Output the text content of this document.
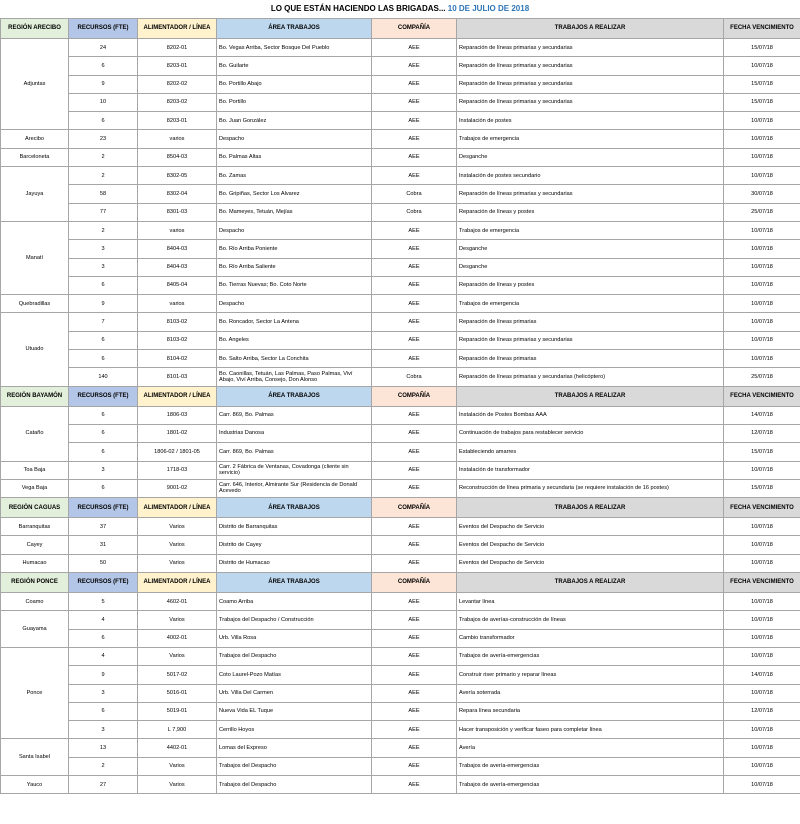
LO QUE ESTÁN HACIENDO LAS BRIGADAS... 10 DE JULIO DE 2018
REGIÓN ARECIBO	RECURSOS (FTE)	ALIMENTADOR / LÍNEA	ÁREA TRABAJOS	COMPAÑÍA	TRABAJOS A REALIZAR	FECHA VENCIMIENTO
Adjuntas	24	8202-01	Bo. Vegas Arriba, Sector Bosque Del Pueblo	AEE	Reparación de líneas primarias y secundarias	15/07/18
	6	8203-01	Bo. Guilarte	AEE	Reparación de líneas primarias y secundarias	10/07/18
	9	8202-02	Bo. Portillo Abajo	AEE	Reparación de líneas primarias y secundarias	15/07/18
	10	8203-02	Bo. Portillo	AEE	Reparación de líneas primarias y secundarias	15/07/18
	6	8203-01	Bo. Juan González	AEE	Instalación de postes	10/07/18
Arecibo	23	varios	Despacho	AEE	Trabajos de emergencia	10/07/18
Barceloneta	2	8504-03	Bo. Palmas Altas	AEE	Desganche	10/07/18
Jayuya	2	8302-05	Bo. Zamas	AEE	Instalación de postes secundario	10/07/18
	58	8302-04	Bo. Gripiñas, Sector Los Alvarez	Cobra	Reparación de líneas primarias y secundarias	30/07/18
	77	8301-03	Bo. Mameyes, Tetuán, Mejías	Cobra	Reparación de líneas y postes	25/07/18
Manatí	2	varios	Despacho	AEE	Trabajos de emergencia	10/07/18
	3	8404-03	Bo. Río Arriba Poniente	AEE	Desganche	10/07/18
	3	8404-03	Bo. Río Arriba Saliente	AEE	Desganche	10/07/18
	6	8405-04	Bo. Tierras Nuevas; Bo. Coto Norte	AEE	Reparación de líneas y postes	10/07/18
Quebradillas	9	varios	Despacho	AEE	Trabajos de emergencia	10/07/18
Utuado	7	8103-02	Bo. Roncador, Sector La Antena	AEE	Reparación de líneas primarias	10/07/18
	6	8103-02	Bo. Angeles	AEE	Reparación de líneas primarias y secundarias	10/07/18
	6	8104-02	Bo. Salto Arriba, Sector La Conchita	AEE	Reparación de líneas primarias	10/07/18
	140	8101-03	Bo. Caonillas, Tetuán, Las Palmas, Paso Palmas, Viví Abajo, Viví Arriba, Consejo, Don Alonso	Cobra	Reparación de líneas primarias y secundarias (helicóptero)	25/07/18
REGIÓN BAYAMÓN	RECURSOS (FTE)	ALIMENTADOR / LÍNEA	ÁREA TRABAJOS	COMPAÑÍA	TRABAJOS A REALIZAR	FECHA VENCIMIENTO
Cataño	6	1806-03	Carr. 869, Bo. Palmas	AEE	Instalación de Postes Bombas AAA	14/07/18
	6	1801-02	Industrias Danosa	AEE	Continuación de trabajos para restablecer servicio	12/07/18
	6	1806-02 / 1801-05	Carr. 869, Bo. Palmas	AEE	Estableciendo amarres	15/07/18
Toa Baja	3	1718-03	Carr. 2 Fábrica de Ventanas, Covadonga (cliente sin servicio)	AEE	Instalación de transformador	10/07/18
Vega Baja	6	9001-02	Carr. 646, Interior, Almirante Sur (Residencia de Donald Acevedo	AEE	Reconstrucción de línea primaria y secundaria (se requiere instalación de 16 postes)	15/07/18
REGIÓN CAGUAS	RECURSOS (FTE)	ALIMENTADOR / LÍNEA	ÁREA TRABAJOS	COMPAÑÍA	TRABAJOS A REALIZAR	FECHA VENCIMIENTO
Barranquitas	37	Varios	Distrito de Barranquitas	AEE	Eventos del Despacho de Servicio	10/07/18
Cayey	31	Varios	Distrito de Cayey	AEE	Eventos del Despacho de Servicio	10/07/18
Humacao	50	Varios	Distrito de Humacao	AEE	Eventos del Despacho de Servicio	10/07/18
REGIÓN PONCE	RECURSOS (FTE)	ALIMENTADOR / LÍNEA	ÁREA TRABAJOS	COMPAÑÍA	TRABAJOS A REALIZAR	FECHA VENCIMIENTO
Coamo	5	4602-01	Coamo Arriba	AEE	Levantar línea	10/07/18
Guayama	4	Varios	Trabajos del Despacho / Construcción	AEE	Trabajos de averías-construcción de líneas	10/07/18
	6	4002-01	Urb. Villa Rosa	AEE	Cambio transformador	10/07/18
Ponce	4	Varios	Trabajos del Despacho	AEE	Trabajos de avería-emergencias	10/07/18
	9	5017-02	Coto Laurel-Pozo Matías	AEE	Construir riser primario y reparar líneas	14/07/18
	3	5016-01	Urb. Villa Del Carmen	AEE	Avería soterrada	10/07/18
	6	5019-01	Nueva Vida EL Tuque	AEE	Repara línea secundaria	12/07/18
	3	L 7,900	Cerrillo Hoyos	AEE	Hacer transposición y verificar faseo para completar línea	10/07/18
Santa Isabel	13	4402-01	Lomas del Expreso	AEE	Avería	10/07/18
	2	Varios	Trabajos del Despacho	AEE	Trabajos de avería-emergencias	10/07/18
Yauco	27	Varios	Trabajos del Despacho	AEE	Trabajos de avería-emergencias	10/07/18
